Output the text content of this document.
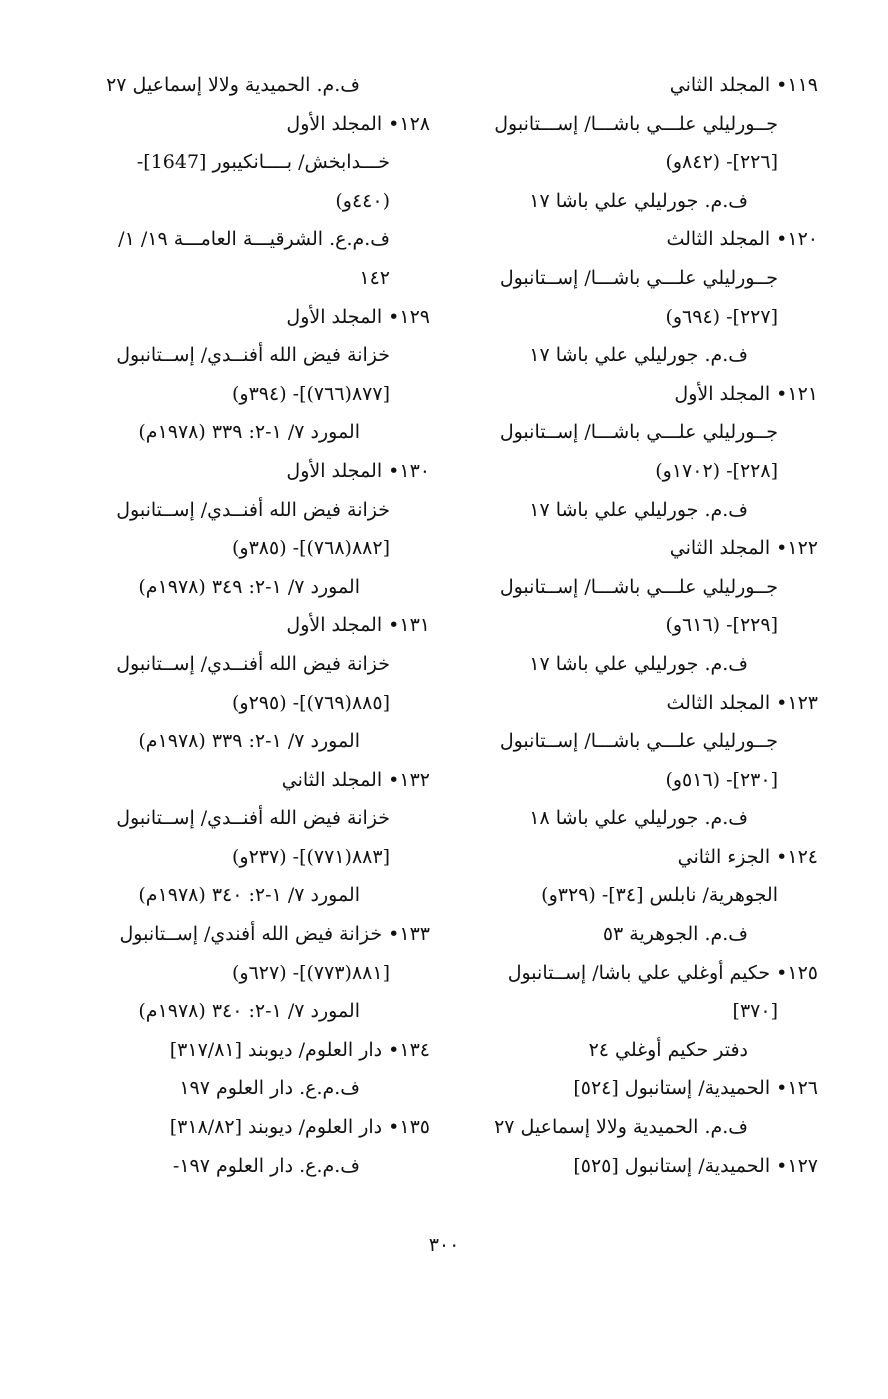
١١٩• المجلد الثاني
جــورليلي علـــي باشـــا/ إســـتانبول
[٢٢٦]- (٨٤٢و)
ف.م. جورليلي علي باشا ١٧
١٢٠• المجلد الثالث
جــورليلي علـــي باشـــا/ إســتانبول
[٢٢٧]- (٦٩٤و)
ف.م. جورليلي علي باشا ١٧
١٢١• المجلد الأول
جــورليلي علـــي باشـــا/ إســتانبول
[٢٢٨]- (١٧٠٢و)
ف.م. جورليلي علي باشا ١٧
١٢٢• المجلد الثاني
جــورليلي علـــي باشـــا/ إســتانبول
[٢٢٩]- (٦١٦و)
ف.م. جورليلي علي باشا ١٧
١٢٣• المجلد الثالث
جــورليلي علـــي باشـــا/ إســتانبول
[٢٣٠]- (٥١٦و)
ف.م. جورليلي علي باشا ١٨
١٢٤• الجزء الثاني
الجوهرية/ نابلس [٣٤]- (٣٢٩و)
ف.م. الجوهرية ٥٣
١٢٥• حكيم أوغلي علي باشا/ إســتانبول
[٣٧٠]
دفتر حكيم أوغلي ٢٤
١٢٦• الحميدية/ إستانبول [٥٢٤]
ف.م. الحميدية ولالا إسماعيل ٢٧
١٢٧• الحميدية/ إستانبول [٥٢٥]
ف.م. الحميدية ولالا إسماعيل ٢٧
١٢٨• المجلد الأول
خـــدابخش/ بــــانكيبور [1647]-
(٤٤٠و)
ف.م.ع. الشرقيـــة العامـــة ١٩/ ١/
١٤٢
١٢٩• المجلد الأول
خزانة فيض الله أفنــدي/ إســتانبول
[٨٧٧(٧٦٦)]- (٣٩٤و)
المورد ٧/ ١-٢: ٣٣٩ (١٩٧٨م)
١٣٠• المجلد الأول
خزانة فيض الله أفنــدي/ إســتانبول
[٨٨٢(٧٦٨)]- (٣٨٥و)
المورد ٧/ ١-٢: ٣٤٩ (١٩٧٨م)
١٣١• المجلد الأول
خزانة فيض الله أفنــدي/ إســتانبول
[٨٨٥(٧٦٩)]- (٢٩٥و)
المورد ٧/ ١-٢: ٣٣٩ (١٩٧٨م)
١٣٢• المجلد الثاني
خزانة فيض الله أفنــدي/ إســتانبول
[٨٨٣(٧٧١)]- (٢٣٧و)
المورد ٧/ ١-٢: ٣٤٠ (١٩٧٨م)
١٣٣• خزانة فيض الله أفندي/ إســتانبول
[٨٨١(٧٧٣)]- (٦٢٧و)
المورد ٧/ ١-٢: ٣٤٠ (١٩٧٨م)
١٣٤• دار العلوم/ ديوبند [٣١٧/٨١]
ف.م.ع. دار العلوم ١٩٧
١٣٥• دار العلوم/ ديوبند [٣١٨/٨٢]
ف.م.ع. دار العلوم ١٩٧-
٣٠٠
